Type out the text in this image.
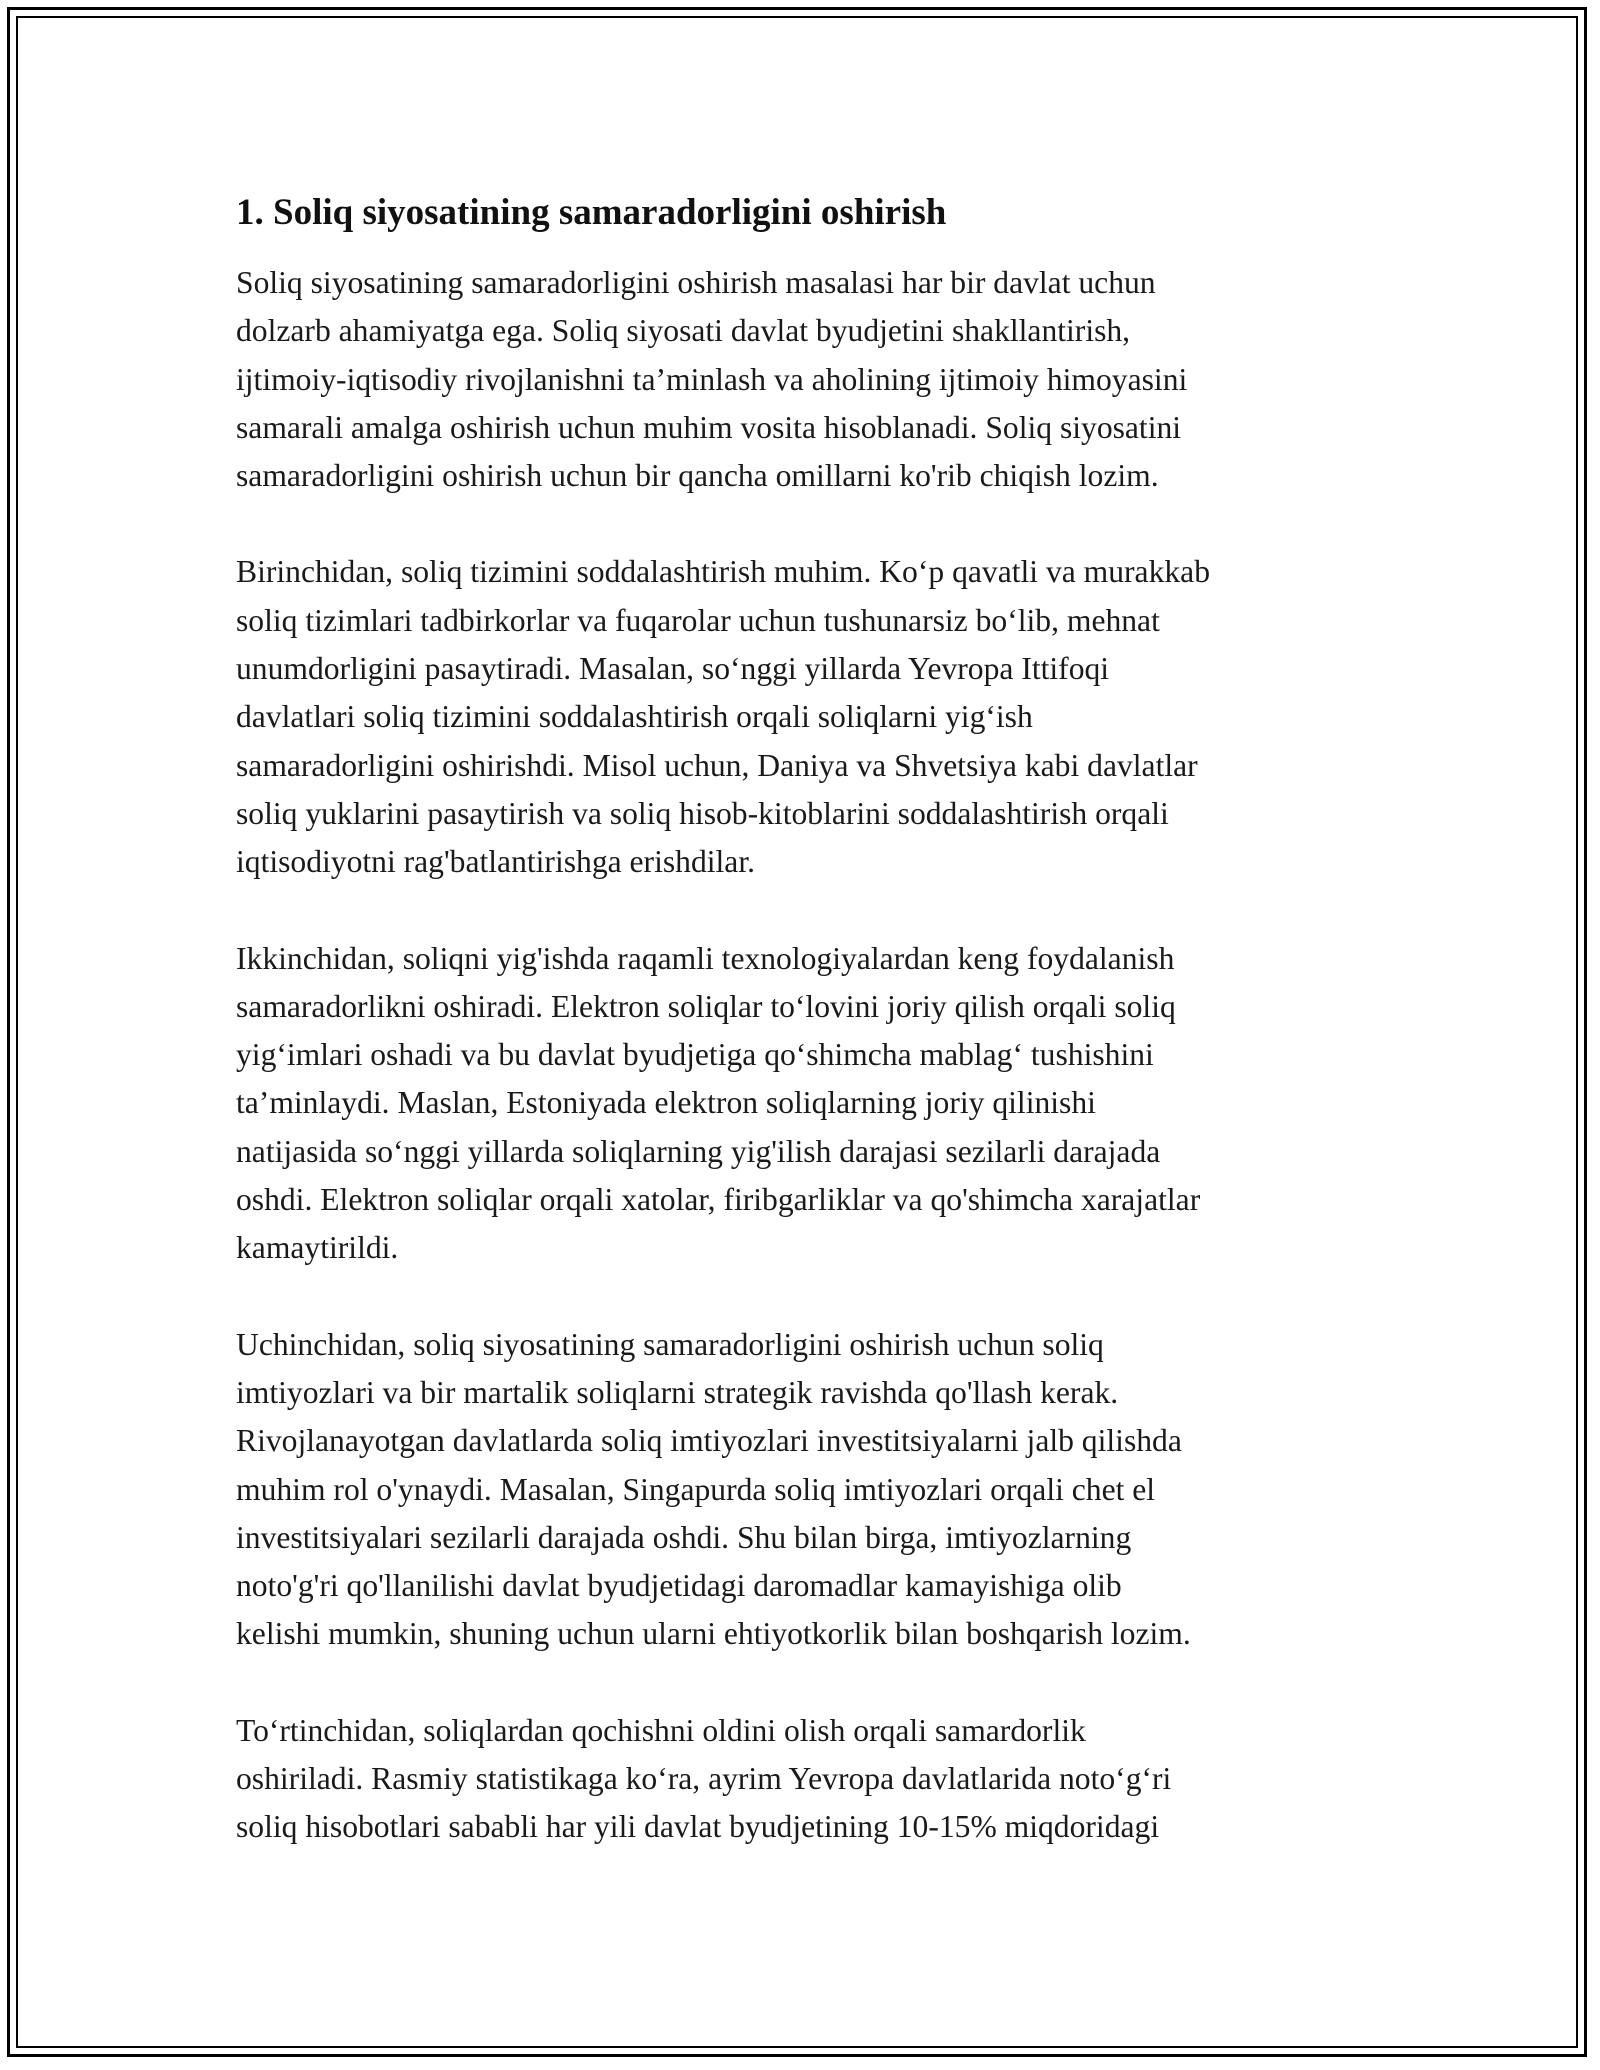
1. Soliq siyosatining samaradorligini oshirish

Soliq siyosatining samaradorligini oshirish masalasi har bir davlat uchun
dolzarb ahamiyatga ega. Soliq siyosati davlat byudjetini shakllantirish,
ijtimoiy-iqtisodiy rivojlanishni ta’minlash va aholining ijtimoiy himoyasini
samarali amalga oshirish uchun muhim vosita hisoblanadi. Soliq siyosatini
samaradorligini oshirish uchun bir qancha omillarni ko'rib chiqish lozim.

Birinchidan, soliq tizimini soddalashtirish muhim. Koʻp qavatli va murakkab
soliq tizimlari tadbirkorlar va fuqarolar uchun tushunarsiz boʻlib, mehnat
unumdorligini pasaytiradi. Masalan, soʻnggi yillarda Yevropa Ittifoqi
davlatlari soliq tizimini soddalashtirish orqali soliqlarni yigʻish
samaradorligini oshirishdi. Misol uchun, Daniya va Shvetsiya kabi davlatlar
soliq yuklarini pasaytirish va soliq hisob-kitoblarini soddalashtirish orqali
iqtisodiyotni rag'batlantirishga erishdilar.

Ikkinchidan, soliqni yig'ishda raqamli texnologiyalardan keng foydalanish
samaradorlikni oshiradi. Elektron soliqlar toʻlovini joriy qilish orqali soliq
yigʻimlari oshadi va bu davlat byudjetiga qoʻshimcha mablagʻ tushishini
ta’minlaydi. Maslan, Estoniyada elektron soliqlarning joriy qilinishi
natijasida soʻnggi yillarda soliqlarning yig'ilish darajasi sezilarli darajada
oshdi. Elektron soliqlar orqali xatolar, firibgarliklar va qo'shimcha xarajatlar
kamaytirildi.

Uchinchidan, soliq siyosatining samaradorligini oshirish uchun soliq
imtiyozlari va bir martalik soliqlarni strategik ravishda qo'llash kerak.
Rivojlanayotgan davlatlarda soliq imtiyozlari investitsiyalarni jalb qilishda
muhim rol o'ynaydi. Masalan, Singapurda soliq imtiyozlari orqali chet el
investitsiyalari sezilarli darajada oshdi. Shu bilan birga, imtiyozlarning
noto'g'ri qo'llanilishi davlat byudjetidagi daromadlar kamayishiga olib
kelishi mumkin, shuning uchun ularni ehtiyotkorlik bilan boshqarish lozim.

Toʻrtinchidan, soliqlardan qochishni oldini olish orqali samardorlik
oshiriladi. Rasmiy statistikaga koʻra, ayrim Yevropa davlatlarida notoʻgʻri
soliq hisobotlari sababli har yili davlat byudjetining 10-15% miqdoridagi
